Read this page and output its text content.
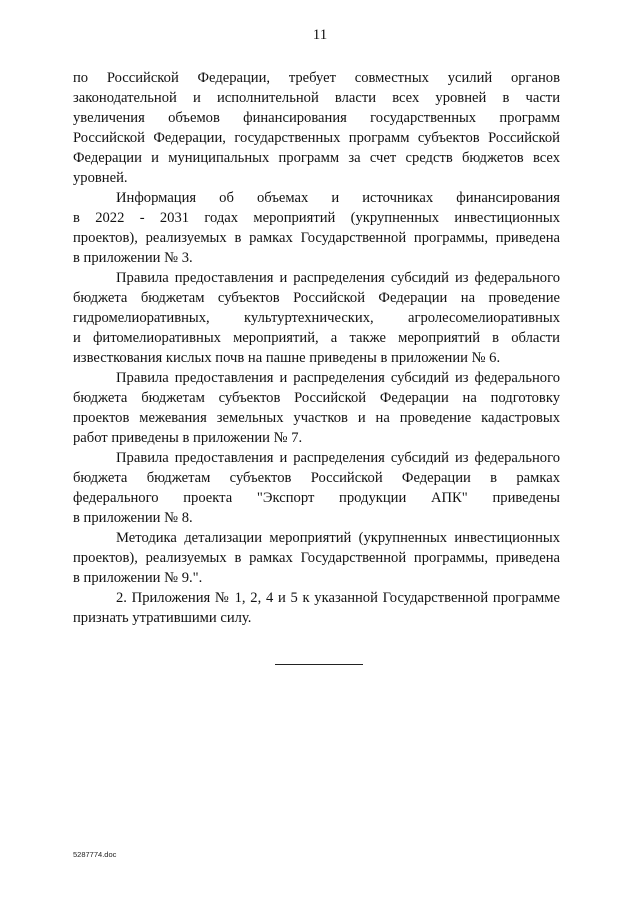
11

по Российской Федерации, требует совместных усилий органов
законодательной и исполнительной власти всех уровней в части
увеличения объемов финансирования государственных программ
Российской Федерации, государственных программ субъектов Российской
Федерации и муниципальных программ за счет средств бюджетов всех
уровней.

Информация об объемах и источниках финансирования
в 2022 - 2031 годах мероприятий (укрупненных инвестиционных
проектов), реализуемых в рамках Государственной программы, приведена
в приложении № 3.

Правила предоставления и распределения субсидий из федерального
бюджета бюджетам субъектов Российской Федерации на проведение
гидромелиоративных, культуртехнических, агролесомелиоративных
и фитомелиоративных мероприятий, а также мероприятий в области
известкования кислых почв на пашне приведены в приложении № 6.

Правила предоставления и распределения субсидий из федерального
бюджета бюджетам субъектов Российской Федерации на подготовку
проектов межевания земельных участков и на проведение кадастровых
работ приведены в приложении № 7.

Правила предоставления и распределения субсидий из федерального
бюджета бюджетам субъектов Российской Федерации в рамках
федерального проекта "Экспорт продукции АПК" приведены
в приложении № 8.

Методика детализации мероприятий (укрупненных инвестиционных
проектов), реализуемых в рамках Государственной программы, приведена
в приложении № 9.".

2. Приложения № 1, 2, 4 и 5 к указанной Государственной программе
признать утратившими силу.

5287774.doc
